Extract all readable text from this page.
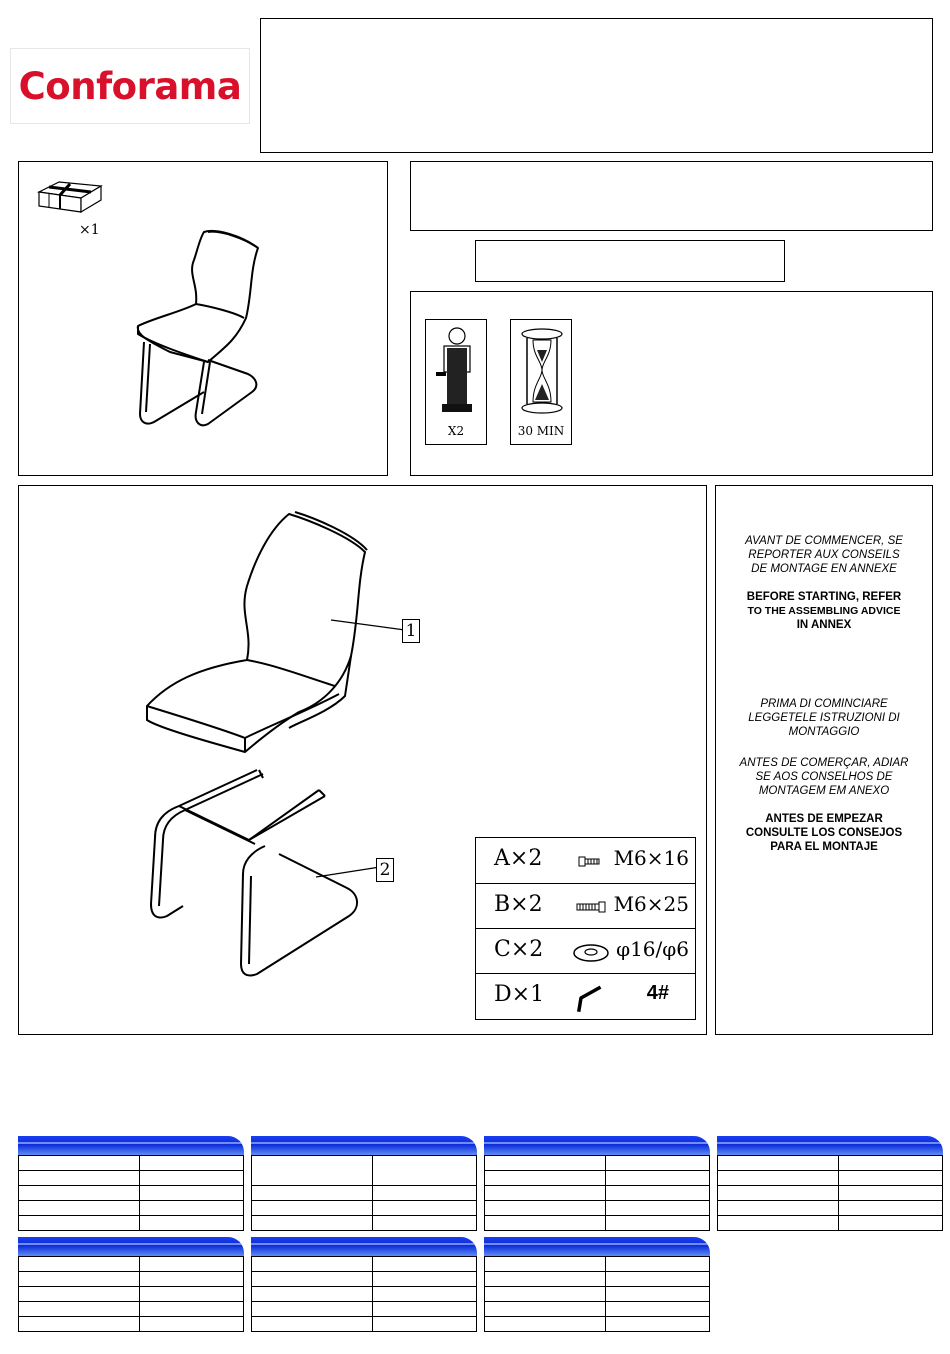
Conforama
×1
X2	30 MIN
1
2	A×2	M6×16
B×2	M6×25
C×2	φ16/φ6
D×1	4#
AVANT DE COMMENCER, SE
REPORTER AUX CONSEILS
DE MONTAGE EN ANNEXE
BEFORE STARTING, REFER
TO THE ASSEMBLING ADVICE
IN ANNEX
PRIMA DI COMINCIARE
LEGGETELE ISTRUZIONI DI
MONTAGGIO
ANTES DE COMERÇAR, ADIAR
SE AOS CONSELHOS DE
MONTAGEM EM ANEXO
ANTES DE EMPEZAR
CONSULTE LOS CONSEJOS
PARA EL MONTAJE
